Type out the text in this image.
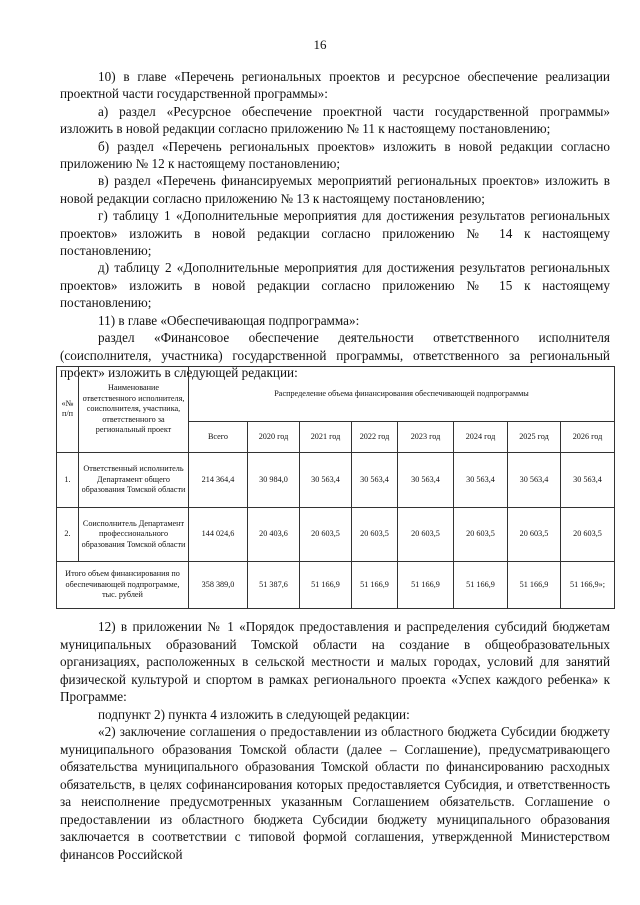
16

10) в главе «Перечень региональных проектов и ресурсное обеспечение реализации проектной части государственной программы»:

а) раздел «Ресурсное обеспечение проектной части государственной программы» изложить в новой редакции согласно приложению № 11 к настоящему постановлению;

б) раздел «Перечень региональных проектов» изложить в новой редакции согласно приложению № 12 к настоящему постановлению;

в) раздел «Перечень финансируемых мероприятий региональных проектов» изложить в новой редакции согласно приложению № 13 к настоящему постановлению;

г) таблицу 1 «Дополнительные мероприятия для достижения результатов региональных проектов» изложить в новой редакции согласно приложению № 14 к настоящему постановлению;

д) таблицу 2 «Дополнительные мероприятия для достижения результатов региональных проектов» изложить в новой редакции согласно приложению № 15 к настоящему постановлению;

11) в главе «Обеспечивающая подпрограмма»:

раздел «Финансовое обеспечение деятельности ответственного исполнителя (соисполнителя, участника) государственной программы, ответственного за региональный проект» изложить в следующей редакции:

«№ п/п	Наименование ответственного исполнителя, соисполнителя, участника, ответственного за региональный проект	Распределение объема финансирования обеспечивающей подпрограммы							
		Всего	2020 год	2021 год	2022 год	2023 год	2024 год	2025 год	2026 год
1.	Ответственный исполнитель Департамент общего образования Томской области	214 364,4	30 984,0	30 563,4	30 563,4	30 563,4	30 563,4	30 563,4	30 563,4
2.	Соисполнитель Департамент профессионального образования Томской области	144 024,6	20 403,6	20 603,5	20 603,5	20 603,5	20 603,5	20 603,5	20 603,5
Итого объем финансирования по обеспечивающей подпрограмме, тыс. рублей		358 389,0	51 387,6	51 166,9	51 166,9	51 166,9	51 166,9	51 166,9	51 166,9»;

12) в приложении № 1 «Порядок предоставления и распределения субсидий бюджетам муниципальных образований Томской области на создание в общеобразовательных организациях, расположенных в сельской местности и малых городах, условий для занятий физической культурой и спортом в рамках регионального проекта «Успех каждого ребенка» к Программе:

подпункт 2) пункта 4 изложить в следующей редакции:

«2) заключение соглашения о предоставлении из областного бюджета Субсидии бюджету муниципального образования Томской области (далее – Соглашение), предусматривающего обязательства муниципального образования Томской области по финансированию расходных обязательств, в целях софинансирования которых предоставляется Субсидия, и ответственность за неисполнение предусмотренных указанным Соглашением обязательств. Соглашение о предоставлении из областного бюджета Субсидии бюджету муниципального образования заключается в соответствии с типовой формой соглашения, утвержденной Министерством финансов Российской
